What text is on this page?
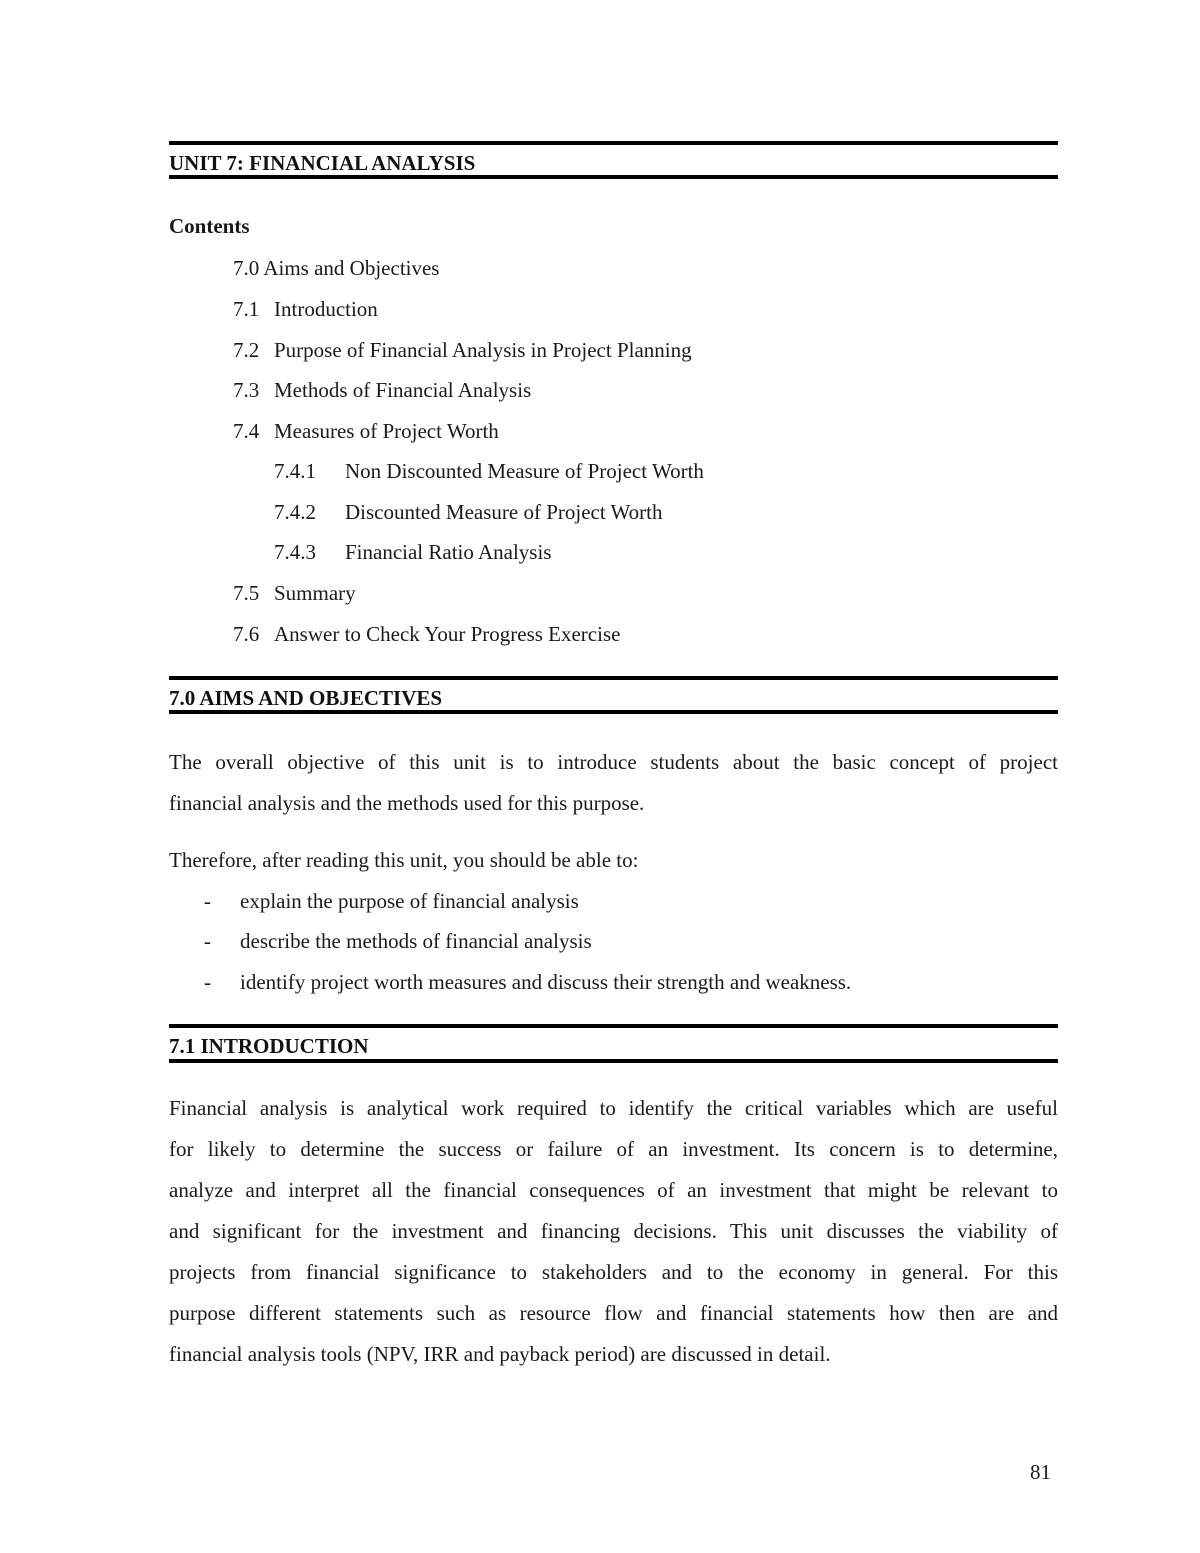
UNIT 7: FINANCIAL ANALYSIS
Contents
7.0 Aims and Objectives
7.1 Introduction
7.2 Purpose of Financial Analysis in Project Planning
7.3 Methods of Financial Analysis
7.4 Measures of Project Worth
7.4.1 Non Discounted Measure of Project Worth
7.4.2 Discounted Measure of Project Worth
7.4.3 Financial Ratio Analysis
7.5 Summary
7.6 Answer to Check Your Progress Exercise
7.0 AIMS AND OBJECTIVES
The overall objective of this unit is to introduce students about the basic concept of project
financial analysis and the methods used for this purpose.
Therefore, after reading this unit, you should be able to:
- explain the purpose of financial analysis
- describe the methods of financial analysis
- identify project worth measures and discuss their strength and weakness.
7.1 INTRODUCTION
Financial analysis is analytical work required to identify the critical variables which are useful
for likely to determine the success or failure of an investment. Its concern is to determine,
analyze and interpret all the financial consequences of an investment that might be relevant to
and significant for the investment and financing decisions. This unit discusses the viability of
projects from financial significance to stakeholders and to the economy in general. For this
purpose different statements such as resource flow and financial statements how then are and
financial analysis tools (NPV, IRR and payback period) are discussed in detail.
81
